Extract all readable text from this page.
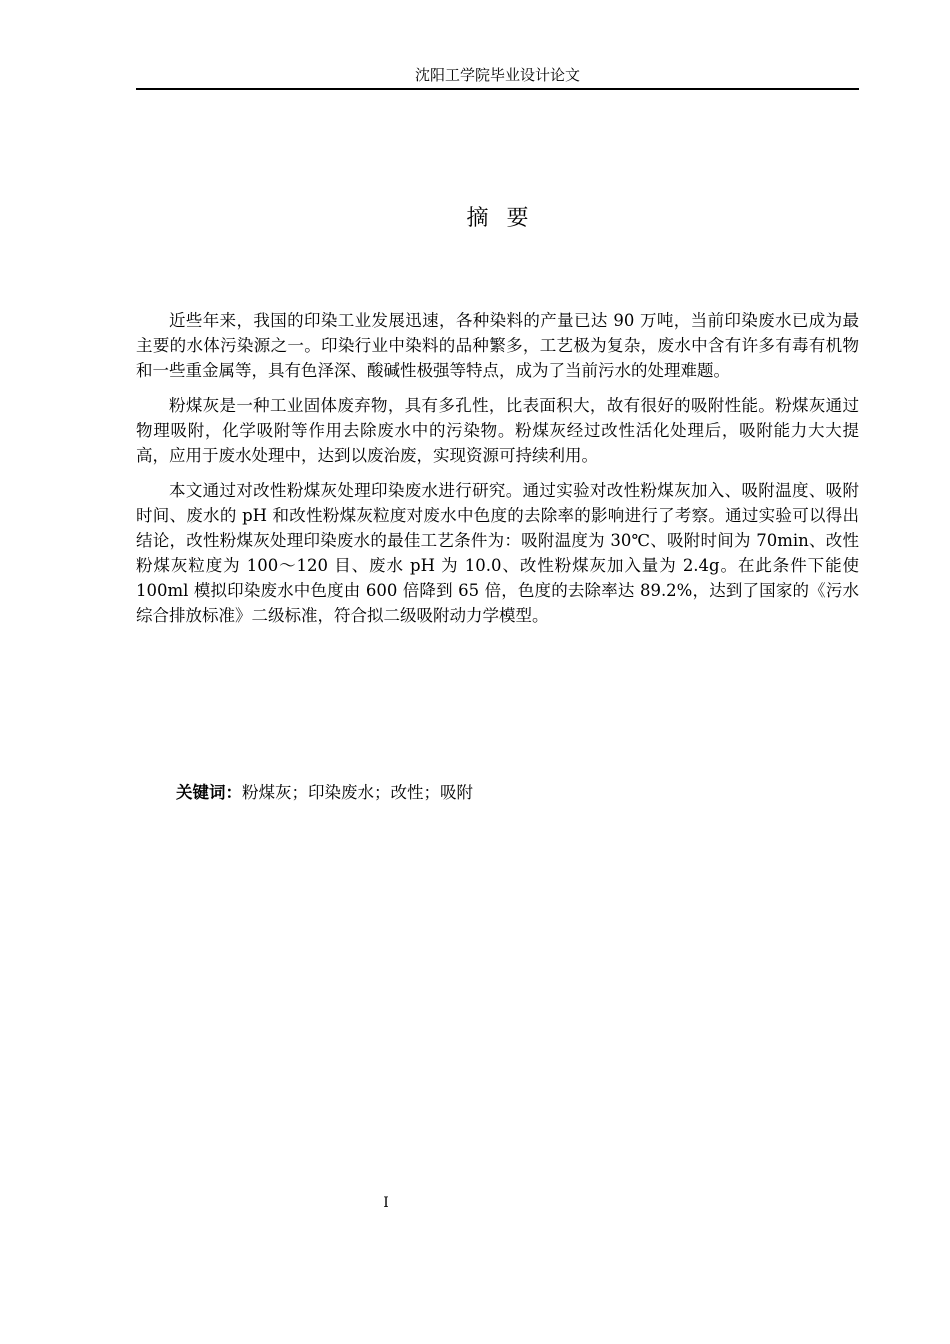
沈阳工学院毕业设计论文
摘要

近些年来，我国的印染工业发展迅速，各种染料的产量已达 90 万吨，当前印染废水已成为最主要的水体污染源之一。印染行业中染料的品种繁多，工艺极为复杂，废水中含有许多有毒有机物和一些重金属等，具有色泽深、酸碱性极强等特点，成为了当前污水的处理难题。

粉煤灰是一种工业固体废弃物，具有多孔性，比表面积大，故有很好的吸附性能。粉煤灰通过物理吸附，化学吸附等作用去除废水中的污染物。粉煤灰经过改性活化处理后，吸附能力大大提高，应用于废水处理中，达到以废治废，实现资源可持续利用。

本文通过对改性粉煤灰处理印染废水进行研究。通过实验对改性粉煤灰加入、吸附温度、吸附时间、废水的 pH 和改性粉煤灰粒度对废水中色度的去除率的影响进行了考察。通过实验可以得出结论，改性粉煤灰处理印染废水的最佳工艺条件为：吸附温度为 30℃、吸附时间为 70min、改性粉煤灰粒度为 100～120 目、废水 pH 为 10.0、改性粉煤灰加入量为 2.4g。在此条件下能使 100ml 模拟印染废水中色度由 600 倍降到 65 倍，色度的去除率达 89.2%，达到了国家的《污水综合排放标准》二级标准，符合拟二级吸附动力学模型。

关键词：粉煤灰；印染废水；改性；吸附
I
